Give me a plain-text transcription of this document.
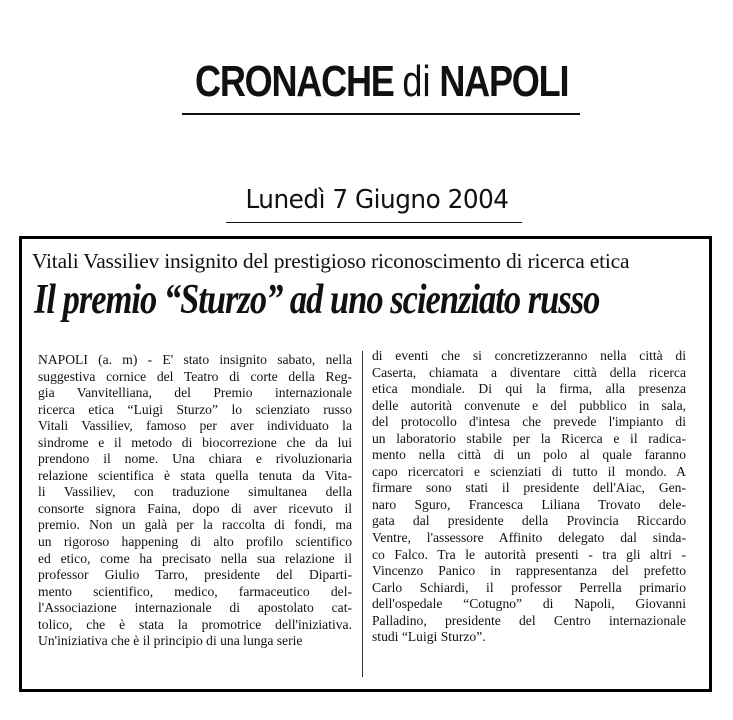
CRONACHE di NAPOLI
Lunedì 7 Giugno 2004
Vitali Vassiliev insignito del prestigioso riconoscimento di ricerca etica
Il premio “Sturzo” ad uno scienziato russo
NAPOLI (a. m) - E' stato insignito sabato, nella
suggestiva cornice del Teatro di corte della Reg-
gia Vanvitelliana, del Premio internazionale
ricerca etica “Luigi Sturzo” lo scienziato russo
Vitali Vassiliev, famoso per aver individuato la
sindrome e il metodo di biocorrezione che da lui
prendono il nome. Una chiara e rivoluzionaria
relazione scientifica è stata quella tenuta da Vita-
li Vassiliev, con traduzione simultanea della
consorte signora Faina, dopo di aver ricevuto il
premio. Non un galà per la raccolta di fondi, ma
un rigoroso happening di alto profilo scientifico
ed etico, come ha precisato nella sua relazione il
professor Giulio Tarro, presidente del Diparti-
mento scientifico, medico, farmaceutico del-
l'Associazione internazionale di apostolato cat-
tolico, che è stata la promotrice dell'iniziativa.
Un'iniziativa che è il principio di una lunga serie
di eventi che si concretizzeranno nella città di
Caserta, chiamata a diventare città della ricerca
etica mondiale. Di qui la firma, alla presenza
delle autorità convenute e del pubblico in sala,
del protocollo d'intesa che prevede l'impianto di
un laboratorio stabile per la Ricerca e il radica-
mento nella città di un polo al quale faranno
capo ricercatori e scienziati di tutto il mondo. A
firmare sono stati il presidente dell'Aiac, Gen-
naro Sguro, Francesca Liliana Trovato dele-
gata dal presidente della Provincia Riccardo
Ventre, l'assessore Affinito delegato dal sinda-
co Falco. Tra le autorità presenti - tra gli altri -
Vincenzo Panico in rappresentanza del prefetto
Carlo Schiardi, il professor Perrella primario
dell'ospedale “Cotugno” di Napoli, Giovanni
Palladino, presidente del Centro internazionale
studi “Luigi Sturzo”.
